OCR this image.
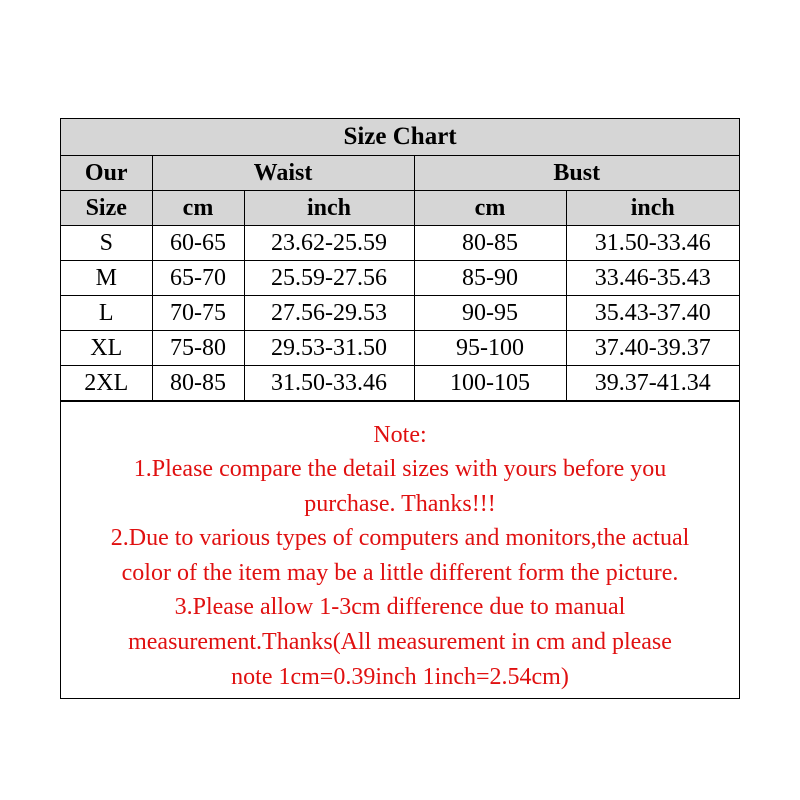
Size Chart				
Our	Waist		Bust	
Size	cm	inch	cm	inch
S	60-65	23.62-25.59	80-85	31.50-33.46
M	65-70	25.59-27.56	85-90	33.46-35.43
L	70-75	27.56-29.53	90-95	35.43-37.40
XL	75-80	29.53-31.50	95-100	37.40-39.37
2XL	80-85	31.50-33.46	100-105	39.37-41.34
Note:
1.Please compare the detail sizes with yours before you
purchase. Thanks!!!
2.Due to various types of computers and monitors,the actual
color of the item may be a little different form the picture.
3.Please allow 1-3cm difference due to manual
measurement.Thanks(All measurement in cm and please
note 1cm=0.39inch 1inch=2.54cm)
